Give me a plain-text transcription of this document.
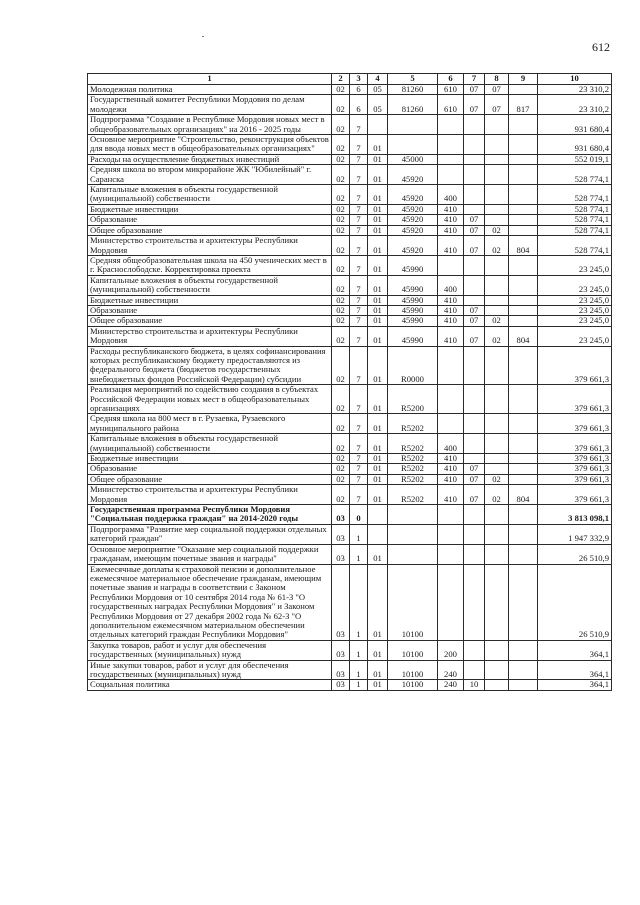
612
1	2	3	4	5	6	7	8	9	10
Молодежная политика	02	6	05	81260	610	07	07		23 310,2
Государственный комитет Республики Мордовия по делам молодежи	02	6	05	81260	610	07	07	817	23 310,2
Подпрограмма "Создание в Республике Мордовия новых мест в общеобразовательных организациях" на 2016 - 2025 годы	02	7							931 680,4
Основное мероприятие "Строительство, реконструкция объектов для ввода новых мест в общеобразовательных организациях"	02	7	01						931 680,4
Расходы на осуществление бюджетных инвестиций	02	7	01	45000					552 019,1
Средняя школа во втором микрорайоне ЖК "Юбилейный" г. Саранска	02	7	01	45920					528 774,1
Капитальные вложения в объекты государственной (муниципальной) собственности	02	7	01	45920	400				528 774,1
Бюджетные инвестиции	02	7	01	45920	410				528 774,1
Образование	02	7	01	45920	410	07			528 774,1
Общее образование	02	7	01	45920	410	07	02		528 774,1
Министерство строительства и архитектуры Республики Мордовия	02	7	01	45920	410	07	02	804	528 774,1
Средняя общеобразовательная школа на 450 ученических мест в г. Краснослободске. Корректировка проекта	02	7	01	45990					23 245,0
Капитальные вложения в объекты государственной (муниципальной) собственности	02	7	01	45990	400				23 245,0
Бюджетные инвестиции	02	7	01	45990	410				23 245,0
Образование	02	7	01	45990	410	07			23 245,0
Общее образование	02	7	01	45990	410	07	02		23 245,0
Министерство строительства и архитектуры Республики Мордовия	02	7	01	45990	410	07	02	804	23 245,0
Расходы республиканского бюджета, в целях софинансирования которых республиканскому бюджету предоставляются из федерального бюджета (бюджетов государственных внебюджетных фондов Российской Федерации) субсидии	02	7	01	R0000					379 661,3
Реализация мероприятий по содействию создания в субъектах Российской Федерации новых мест в общеобразовательных организациях	02	7	01	R5200					379 661,3
Средняя школа на 800 мест в г. Рузаевка, Рузаевского муниципального района	02	7	01	R5202					379 661,3
Капитальные вложения в объекты государственной (муниципальной) собственности	02	7	01	R5202	400				379 661,3
Бюджетные инвестиции	02	7	01	R5202	410				379 661,3
Образование	02	7	01	R5202	410	07			379 661,3
Общее образование	02	7	01	R5202	410	07	02		379 661,3
Министерство строительства и архитектуры Республики Мордовия	02	7	01	R5202	410	07	02	804	379 661,3
Государственная программа Республики Мордовия "Социальная поддержка граждан" на 2014-2020 годы	03	0							3 813 098,1
Подпрограмма "Развитие мер социальной поддержки отдельных категорий граждан"	03	1							1 947 332,9
Основное мероприятие "Оказание мер социальной поддержки гражданам, имеющим почетные звания и награды"	03	1	01						26 510,9
Ежемесячные доплаты к страховой пенсии и дополнительное ежемесячное материальное обеспечение гражданам, имеющим почетные звания и награды в соответствии с Законом Республики Мордовия от 10 сентября 2014 года № 61-З "О государственных наградах Республики Мордовия" и Законом Республики Мордовия от 27 декабря 2002 года № 62-З "О дополнительном ежемесячном материальном обеспечении отдельных категорий граждан Республики Мордовия"	03	1	01	10100					26 510,9
Закупка товаров, работ и услуг для обеспечения государственных (муниципальных) нужд	03	1	01	10100	200				364,1
Иные закупки товаров, работ и услуг для обеспечения государственных (муниципальных) нужд	03	1	01	10100	240				364,1
Социальная политика	03	1	01	10100	240	10			364,1
